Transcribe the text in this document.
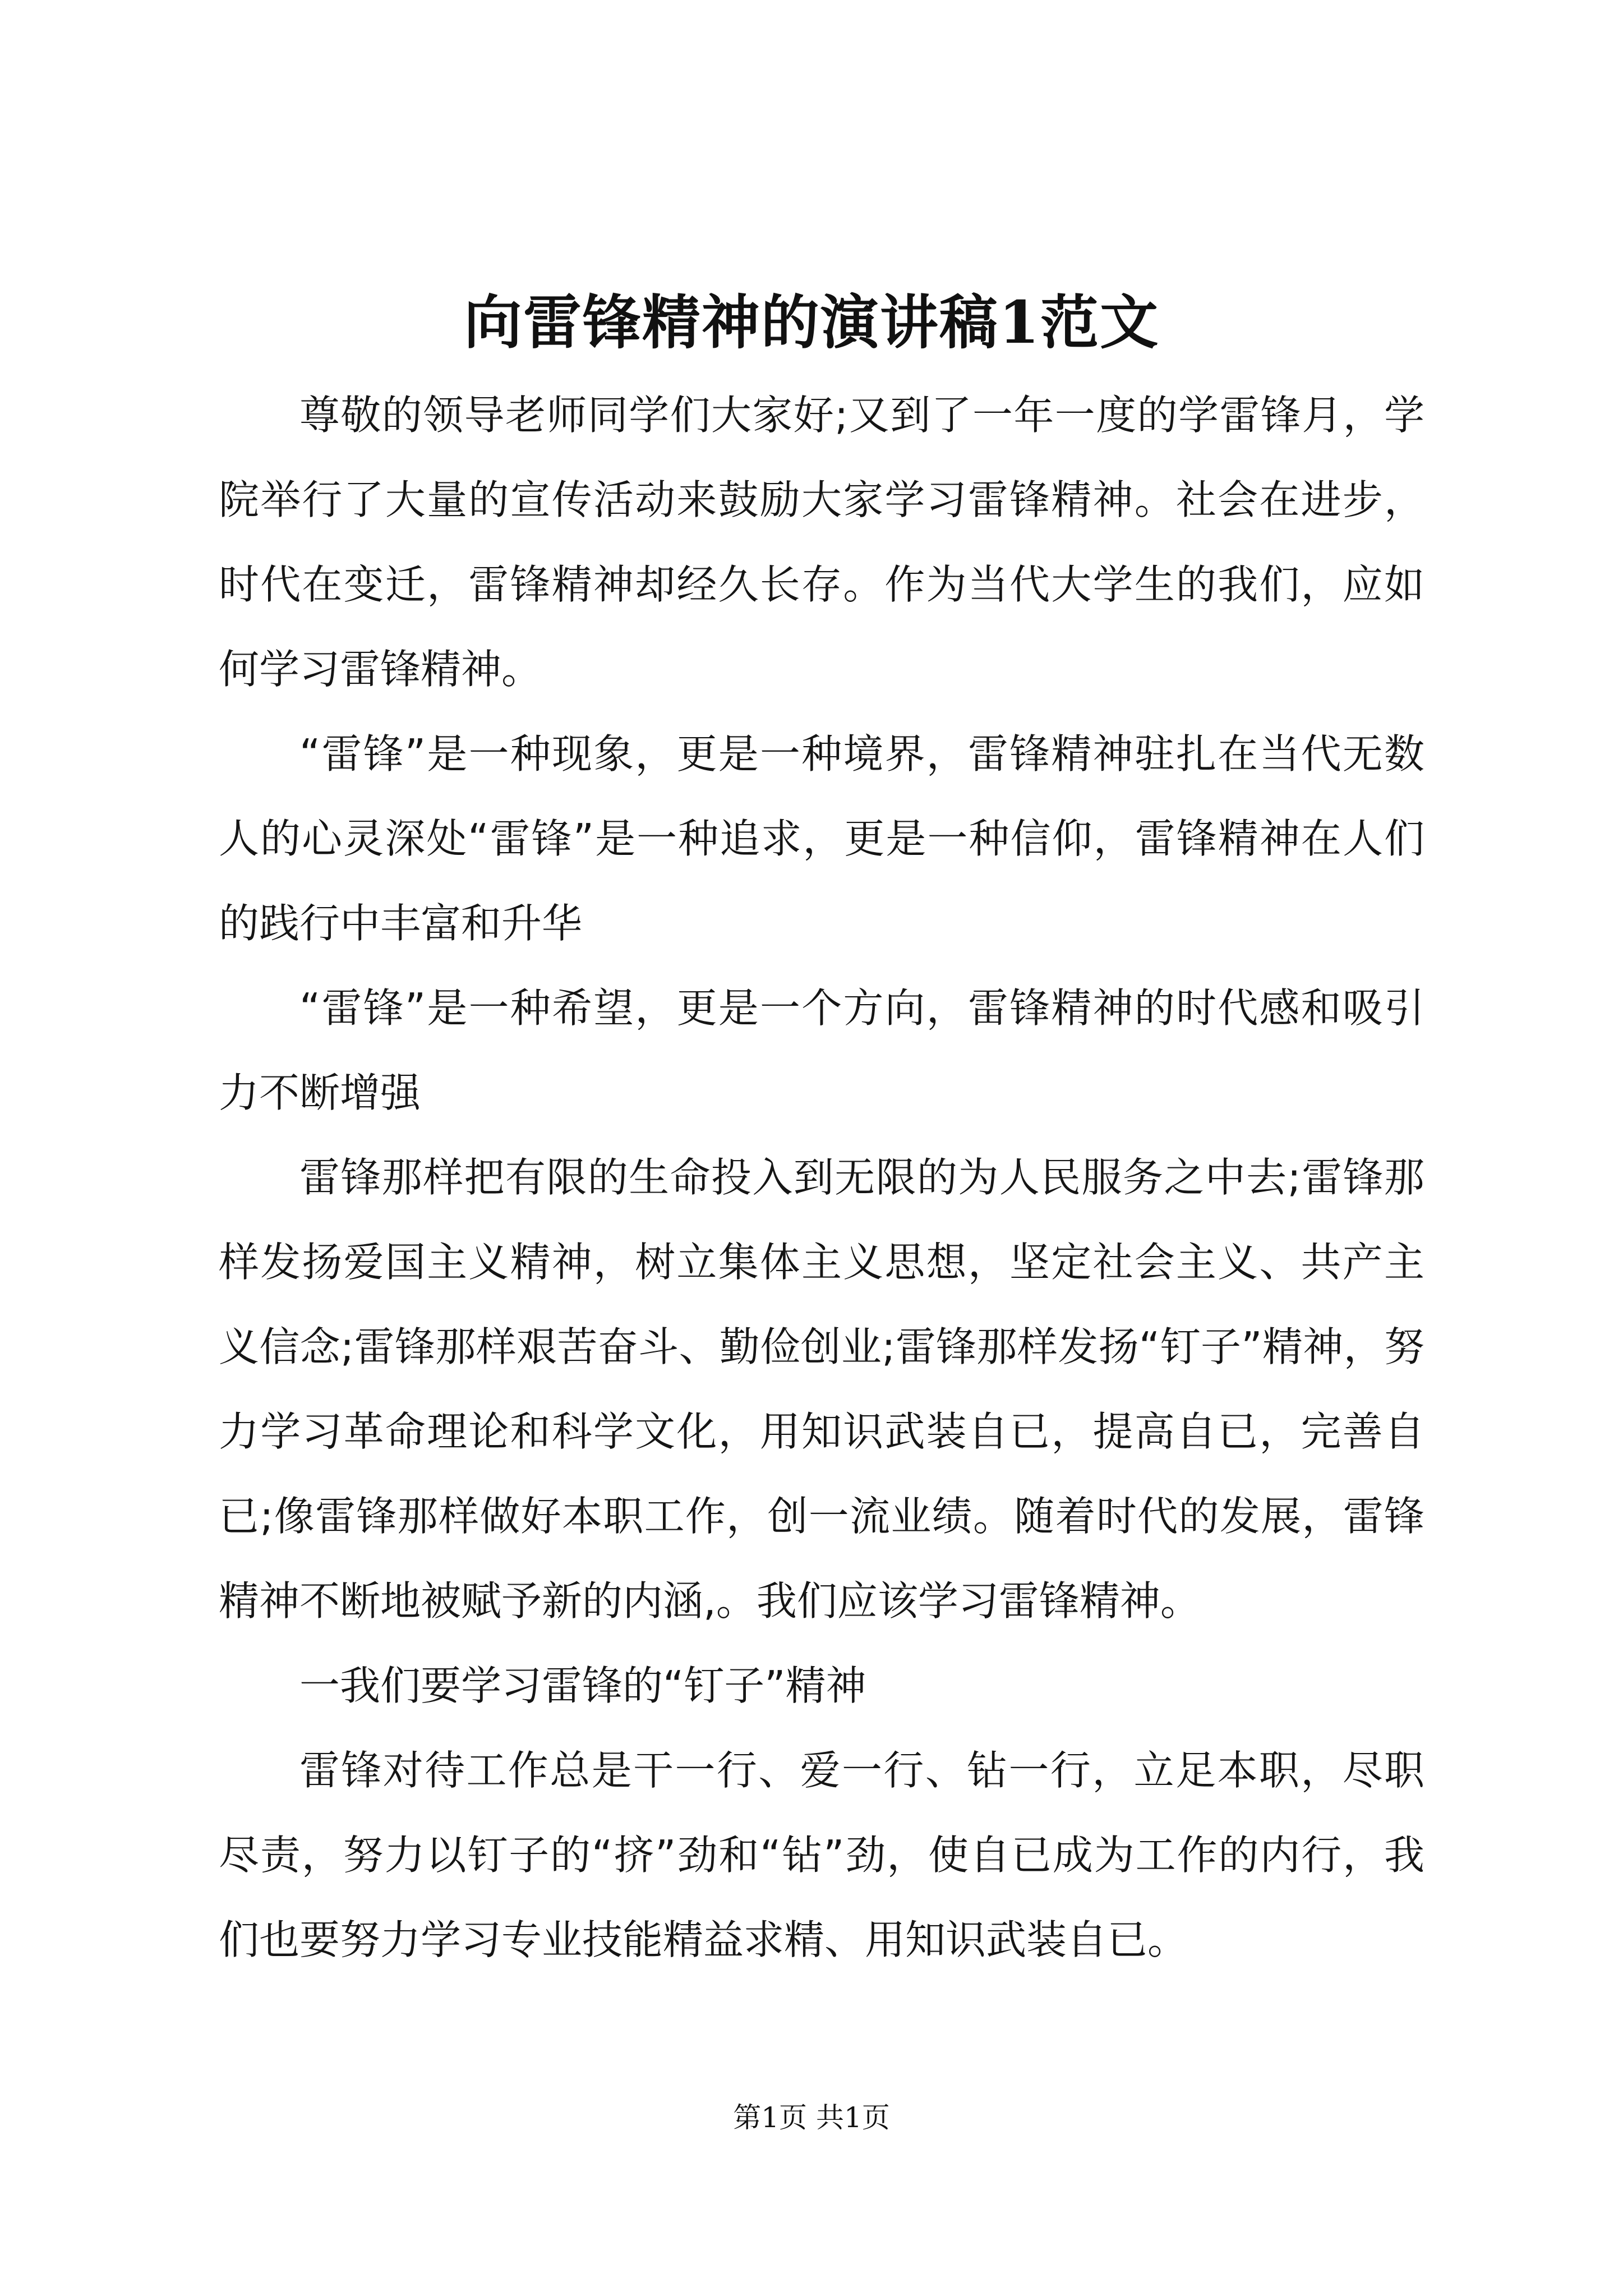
向雷锋精神的演讲稿1范文

尊敬的领导老师同学们大家好;又到了一年一度的学雷锋月，学院举行了大量的宣传活动来鼓励大家学习雷锋精神。社会在进步，时代在变迁，雷锋精神却经久长存。作为当代大学生的我们，应如何学习雷锋精神。

“雷锋”是一种现象，更是一种境界，雷锋精神驻扎在当代无数人的心灵深处“雷锋”是一种追求，更是一种信仰，雷锋精神在人们的践行中丰富和升华

“雷锋”是一种希望，更是一个方向，雷锋精神的时代感和吸引力不断增强

雷锋那样把有限的生命投入到无限的为人民服务之中去;雷锋那样发扬爱国主义精神，树立集体主义思想，坚定社会主义、共产主义信念;雷锋那样艰苦奋斗、勤俭创业;雷锋那样发扬“钉子”精神，努力学习革命理论和科学文化，用知识武装自已，提高自已，完善自已;像雷锋那样做好本职工作，创一流业绩。随着时代的发展，雷锋精神不断地被赋予新的内涵,。我们应该学习雷锋精神。

一我们要学习雷锋的“钉子”精神

雷锋对待工作总是干一行、爱一行、钻一行，立足本职，尽职尽责，努力以钉子的“挤”劲和“钻”劲，使自已成为工作的内行，我们也要努力学习专业技能精益求精、用知识武装自已。

第1页 共1页
